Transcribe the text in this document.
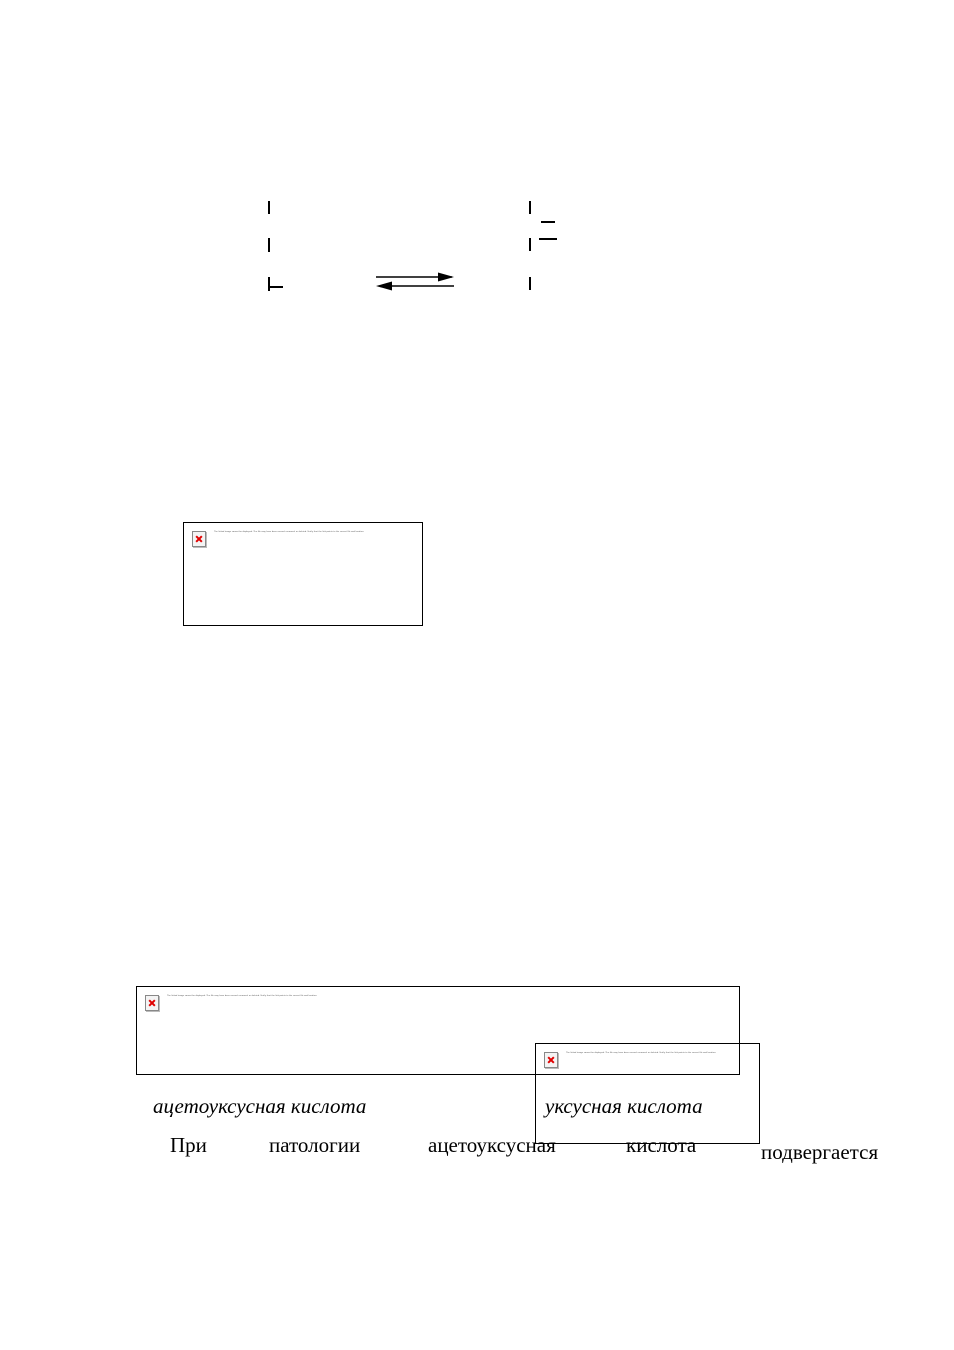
The linked image cannot be displayed. The file may have been moved, renamed, or deleted. Verify that the link points to the correct file and location.
The linked image cannot be displayed. The file may have been moved, renamed, or deleted. Verify that the link points to the correct file and location.
The linked image cannot be displayed. The file may have been moved, renamed, or deleted. Verify that the link points to the correct file and location.
ацетоуксусная кислота	уксусная кислота
При	патологии	ацетоуксусная	кислота	подвергается
